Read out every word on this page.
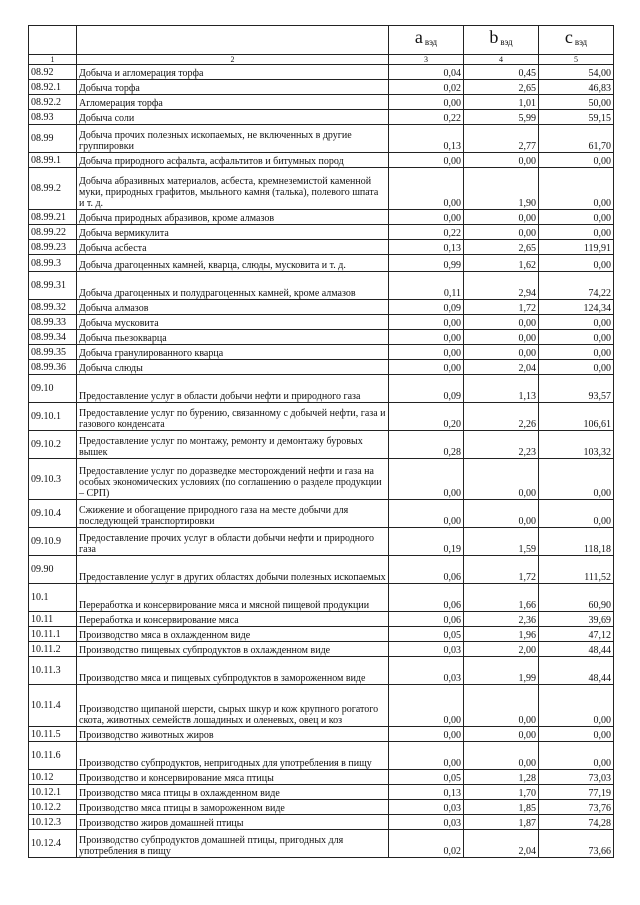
		a $_{вэд}$	b $_{вэд}$	c $_{вэд}$
1	2	3	4	5
08.92	Добыча и агломерация торфа	0,04	0,45	54,00
08.92.1	Добыча торфа	0,02	2,65	46,83
08.92.2	Агломерация торфа	0,00	1,01	50,00
08.93	Добыча соли	0,22	5,99	59,15
08.99	Добыча прочих полезных ископаемых, не включенных в другие группировки	0,13	2,77	61,70
08.99.1	Добыча природного асфальта, асфальтитов и битумных пород	0,00	0,00	0,00
08.99.2	Добыча абразивных материалов, асбеста, кремнеземистой каменной муки, природных графитов, мыльного камня (талька), полевого шпата и т. д.	0,00	1,90	0,00
08.99.21	Добыча природных абразивов, кроме алмазов	0,00	0,00	0,00
08.99.22	Добыча вермикулита	0,22	0,00	0,00
08.99.23	Добыча асбеста	0,13	2,65	119,91
08.99.3	Добыча драгоценных камней, кварца, слюды, мусковита и т. д.	0,99	1,62	0,00
08.99.31	Добыча драгоценных и полудрагоценных камней, кроме алмазов	0,11	2,94	74,22
08.99.32	Добыча алмазов	0,09	1,72	124,34
08.99.33	Добыча мусковита	0,00	0,00	0,00
08.99.34	Добыча пьезокварца	0,00	0,00	0,00
08.99.35	Добыча гранулированного кварца	0,00	0,00	0,00
08.99.36	Добыча слюды	0,00	2,04	0,00
09.10	Предоставление услуг в области добычи нефти и природного газа	0,09	1,13	93,57
09.10.1	Предоставление услуг по бурению, связанному с добычей нефти, газа и газового конденсата	0,20	2,26	106,61
09.10.2	Предоставление услуг по монтажу, ремонту и демонтажу буровых вышек	0,28	2,23	103,32
09.10.3	Предоставление услуг по доразведке месторождений нефти и газа на особых экономических условиях (по соглашению о разделе продукции – СРП)	0,00	0,00	0,00
09.10.4	Сжижение и обогащение природного газа на месте добычи для последующей транспортировки	0,00	0,00	0,00
09.10.9	Предоставление прочих услуг в области добычи нефти и природного газа	0,19	1,59	118,18
09.90	Предоставление услуг в других областях добычи полезных ископаемых	0,06	1,72	111,52
10.1	Переработка и консервирование мяса и мясной пищевой продукции	0,06	1,66	60,90
10.11	Переработка и консервирование мяса	0,06	2,36	39,69
10.11.1	Производство мяса в охлажденном виде	0,05	1,96	47,12
10.11.2	Производство пищевых субпродуктов в охлажденном виде	0,03	2,00	48,44
10.11.3	Производство мяса и пищевых субпродуктов в замороженном виде	0,03	1,99	48,44
10.11.4	Производство щипаной шерсти, сырых шкур и кож крупного рогатого скота, животных семейств лошадиных и оленевых, овец и коз	0,00	0,00	0,00
10.11.5	Производство животных жиров	0,00	0,00	0,00
10.11.6	Производство субпродуктов, непригодных для употребления в пищу	0,00	0,00	0,00
10.12	Производство и консервирование мяса птицы	0,05	1,28	73,03
10.12.1	Производство мяса птицы в охлажденном виде	0,13	1,70	77,19
10.12.2	Производство мяса птицы в замороженном виде	0,03	1,85	73,76
10.12.3	Производство жиров домашней птицы	0,03	1,87	74,28
10.12.4	Производство субпродуктов домашней птицы, пригодных для употребления в пищу	0,02	2,04	73,66
